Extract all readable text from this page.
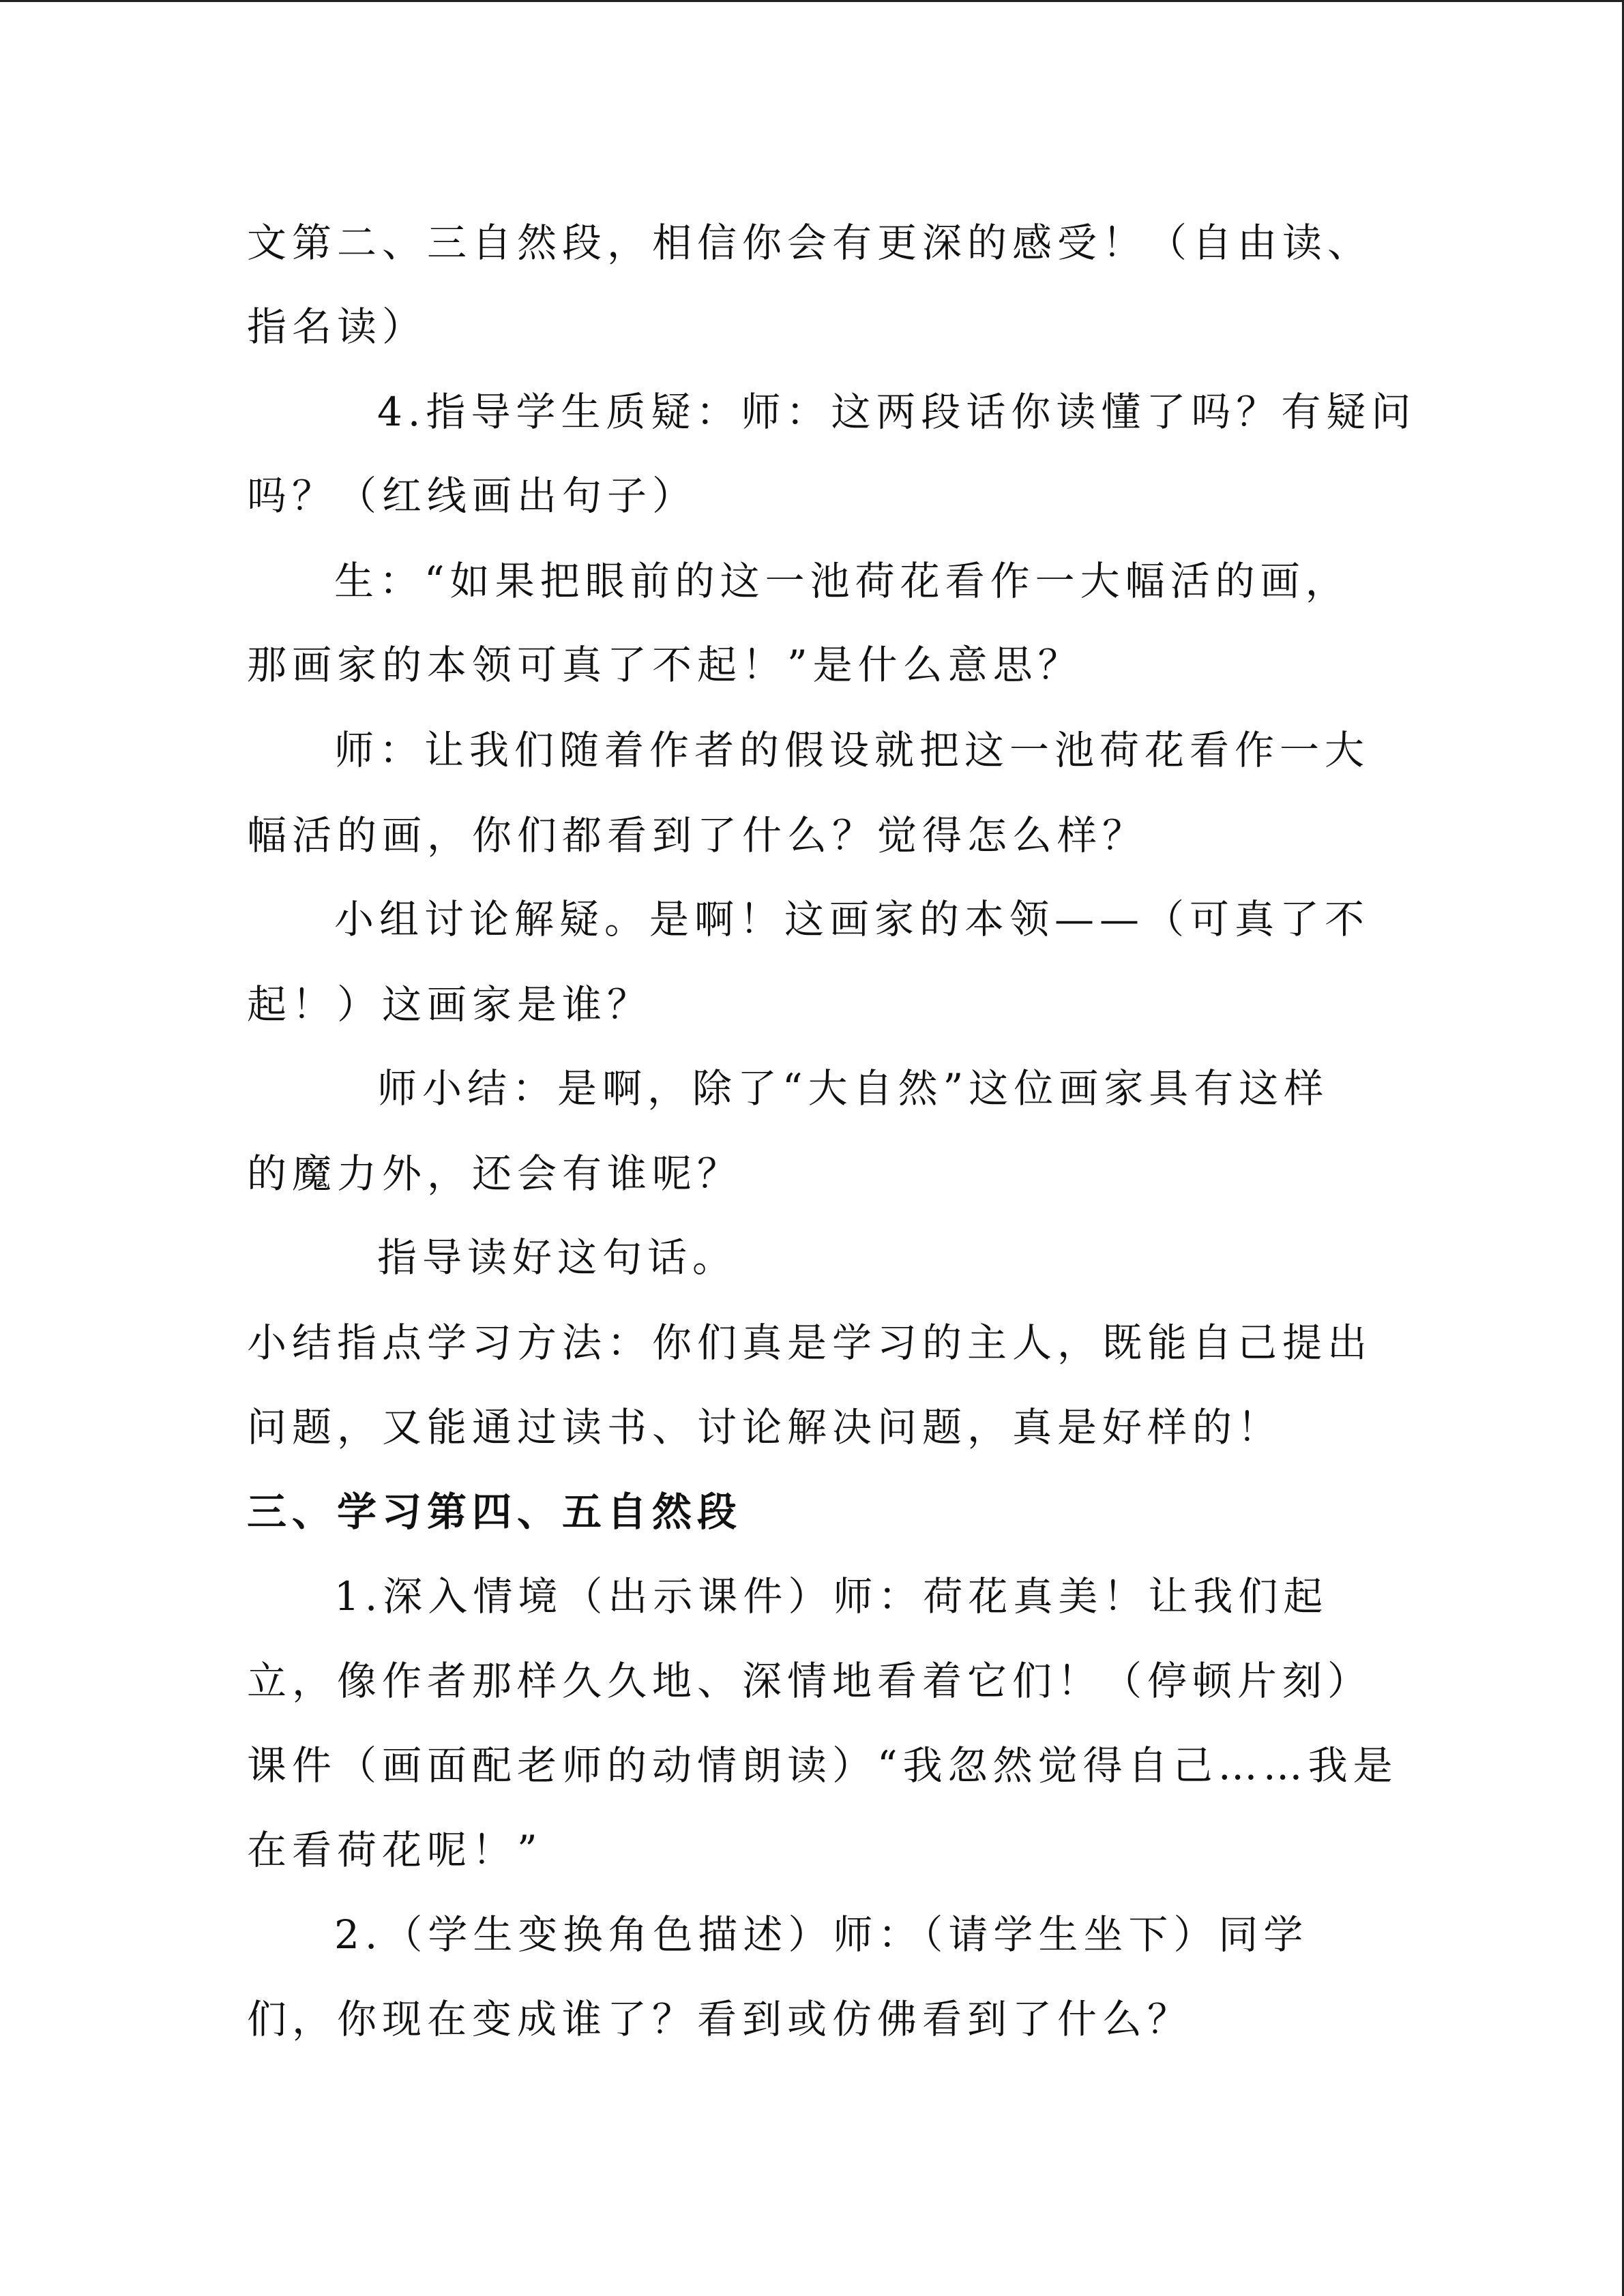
文第二、三自然段，相信你会有更深的感受！（自由读、
指名读）
4.指导学生质疑：师：这两段话你读懂了吗？有疑问
吗？（红线画出句子）
生：“如果把眼前的这一池荷花看作一大幅活的画，
那画家的本领可真了不起！”是什么意思？
师：让我们随着作者的假设就把这一池荷花看作一大
幅活的画，你们都看到了什么？觉得怎么样？
小组讨论解疑。是啊！这画家的本领——（可真了不
起！）这画家是谁？
师小结：是啊，除了“大自然”这位画家具有这样
的魔力外，还会有谁呢？
指导读好这句话。
小结指点学习方法：你们真是学习的主人，既能自己提出
问题，又能通过读书、讨论解决问题，真是好样的！
三、学习第四、五自然段
1.深入情境（出示课件）师：荷花真美！让我们起
立，像作者那样久久地、深情地看着它们！（停顿片刻）
课件（画面配老师的动情朗读）“我忽然觉得自己……我是
在看荷花呢！”
2.（学生变换角色描述）师：（请学生坐下）同学
们，你现在变成谁了？看到或仿佛看到了什么？
